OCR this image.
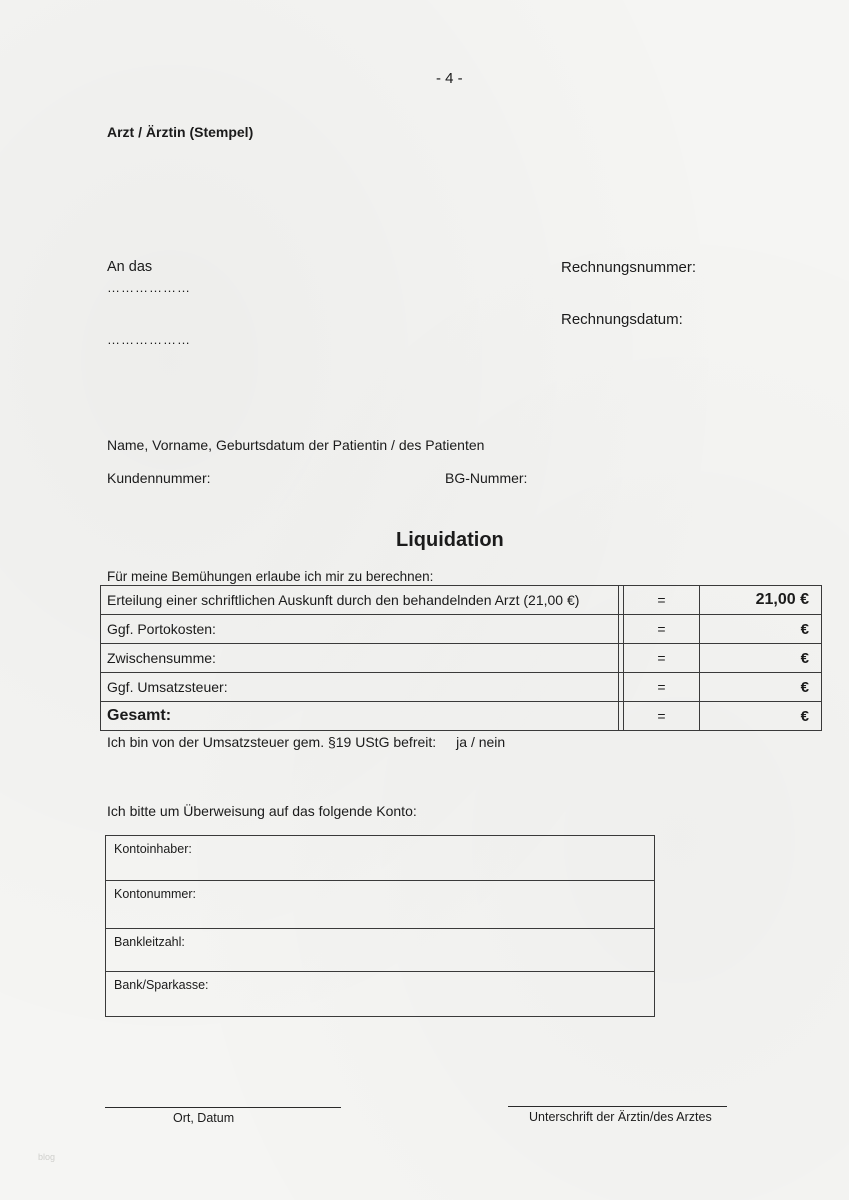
- 4 -
Arzt / Ärztin (Stempel)
An das
………………
………………
Rechnungsnummer:
Rechnungsdatum:
Name, Vorname, Geburtsdatum der Patientin / des Patienten
Kundennummer:	BG-Nummer:
Liquidation
Für meine Bemühungen erlaube ich mir zu berechnen:
Erteilung einer schriftlichen Auskunft durch den behandelnden Arzt (21,00 €)		=	21,00 €
Ggf. Portokosten:		=	€
Zwischensumme:		=	€
Ggf. Umsatzsteuer:		=	€
Gesamt:		=	€
Ich bin von der Umsatzsteuer gem. §19 UStG befreit: ja / nein
Ich bitte um Überweisung auf das folgende Konto:
Kontoinhaber:
Kontonummer:
Bankleitzahl:
Bank/Sparkasse:
Ort, Datum	Unterschrift der Ärztin/des Arztes
blog
